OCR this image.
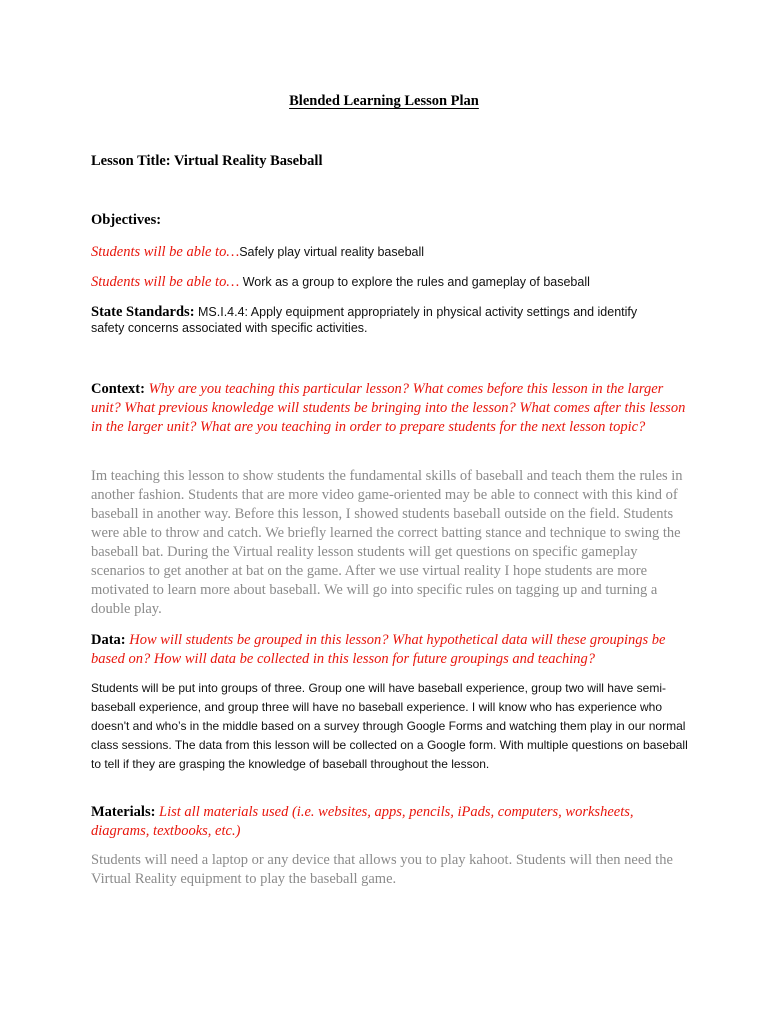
Blended Learning Lesson Plan

Lesson Title: Virtual Reality Baseball

Objectives:

Students will be able to…Safely play virtual reality baseball

Students will be able to… Work as a group to explore the rules and gameplay of baseball

State Standards: MS.I.4.4: Apply equipment appropriately in physical activity settings and identify

safety concerns associated with specific activities.

Context: Why are you teaching this particular lesson? What comes before this lesson in the larger unit? What previous knowledge will students be bringing into the lesson? What comes after this lesson in the larger unit? What are you teaching in order to prepare students for the next lesson topic?

Im teaching this lesson to show students the fundamental skills of baseball and teach them the rules in another fashion. Students that are more video game-oriented may be able to connect with this kind of baseball in another way. Before this lesson, I showed students baseball outside on the field. Students were able to throw and catch. We briefly learned the correct batting stance and technique to swing the baseball bat. During the Virtual reality lesson students will get questions on specific gameplay scenarios to get another at bat on the game. After we use virtual reality I hope students are more motivated to learn more about baseball. We will go into specific rules on tagging up and turning a double play.

Data: How will students be grouped in this lesson? What hypothetical data will these groupings be based on? How will data be collected in this lesson for future groupings and teaching?

Students will be put into groups of three. Group one will have baseball experience, group two will have semi-baseball experience, and group three will have no baseball experience. I will know who has experience who doesn't and who’s in the middle based on a survey through Google Forms and watching them play in our normal class sessions. The data from this lesson will be collected on a Google form. With multiple questions on baseball to tell if they are grasping the knowledge of baseball throughout the lesson.

Materials: List all materials used (i.e. websites, apps, pencils, iPads, computers, worksheets, diagrams, textbooks, etc.)

Students will need a laptop or any device that allows you to play kahoot. Students will then need the Virtual Reality equipment to play the baseball game.
